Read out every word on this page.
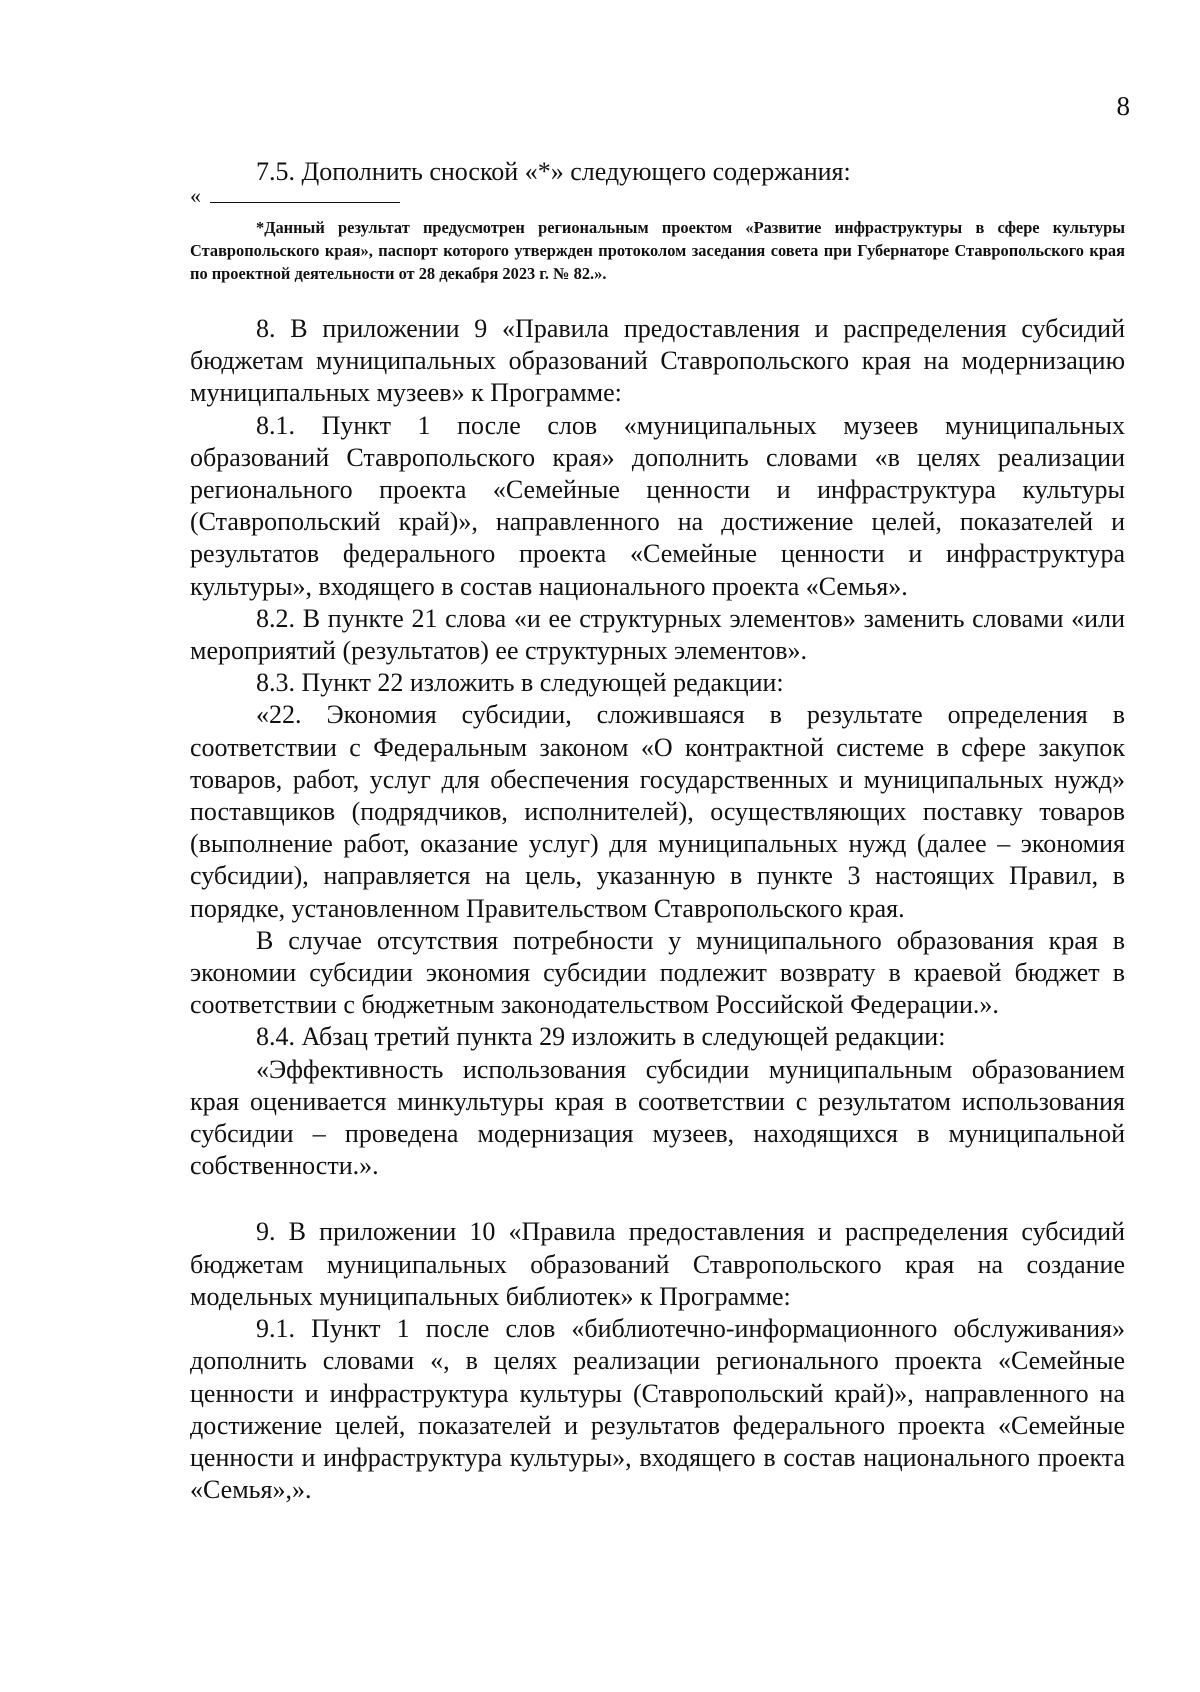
8

7.5. Дополнить сноской «*» следующего содержания:

«

*Данный результат предусмотрен региональным проектом «Развитие инфраструктуры в сфере культуры Ставропольского края», паспорт которого утвержден протоколом заседания совета при Губернаторе Ставропольского края по проектной деятельности от 28 декабря 2023 г. № 82.».

8. В приложении 9 «Правила предоставления и распределения субсидий бюджетам муниципальных образований Ставропольского края на модернизацию муниципальных музеев» к Программе:

8.1. Пункт 1 после слов «муниципальных музеев муниципальных образований Ставропольского края» дополнить словами «в целях реализации регионального проекта «Семейные ценности и инфраструктура культуры (Ставропольский край)», направленного на достижение целей, показателей и результатов федерального проекта «Семейные ценности и инфраструктура культуры», входящего в состав национального проекта «Семья».

8.2. В пункте 21 слова «и ее структурных элементов» заменить словами «или мероприятий (результатов) ее структурных элементов».

8.3. Пункт 22 изложить в следующей редакции:

«22. Экономия субсидии, сложившаяся в результате определения в соответствии с Федеральным законом «О контрактной системе в сфере закупок товаров, работ, услуг для обеспечения государственных и муниципальных нужд» поставщиков (подрядчиков, исполнителей), осуществляющих поставку товаров (выполнение работ, оказание услуг) для муниципальных нужд (далее – экономия субсидии), направляется на цель, указанную в пункте 3 настоящих Правил, в порядке, установленном Правительством Ставропольского края.

В случае отсутствия потребности у муниципального образования края в экономии субсидии экономия субсидии подлежит возврату в краевой бюджет в соответствии с бюджетным законодательством Российской Федерации.».

8.4. Абзац третий пункта 29 изложить в следующей редакции:

«Эффективность использования субсидии муниципальным образованием края оценивается минкультуры края в соответствии с результатом использования субсидии – проведена модернизация музеев, находящихся в муниципальной собственности.».

9. В приложении 10 «Правила предоставления и распределения субсидий бюджетам муниципальных образований Ставропольского края на создание модельных муниципальных библиотек» к Программе:

9.1. Пункт 1 после слов «библиотечно-информационного обслуживания» дополнить словами «, в целях реализации регионального проекта «Семейные ценности и инфраструктура культуры (Ставропольский край)», направленного на достижение целей, показателей и результатов федерального проекта «Семейные ценности и инфраструктура культуры», входящего в состав национального проекта «Семья»,».
